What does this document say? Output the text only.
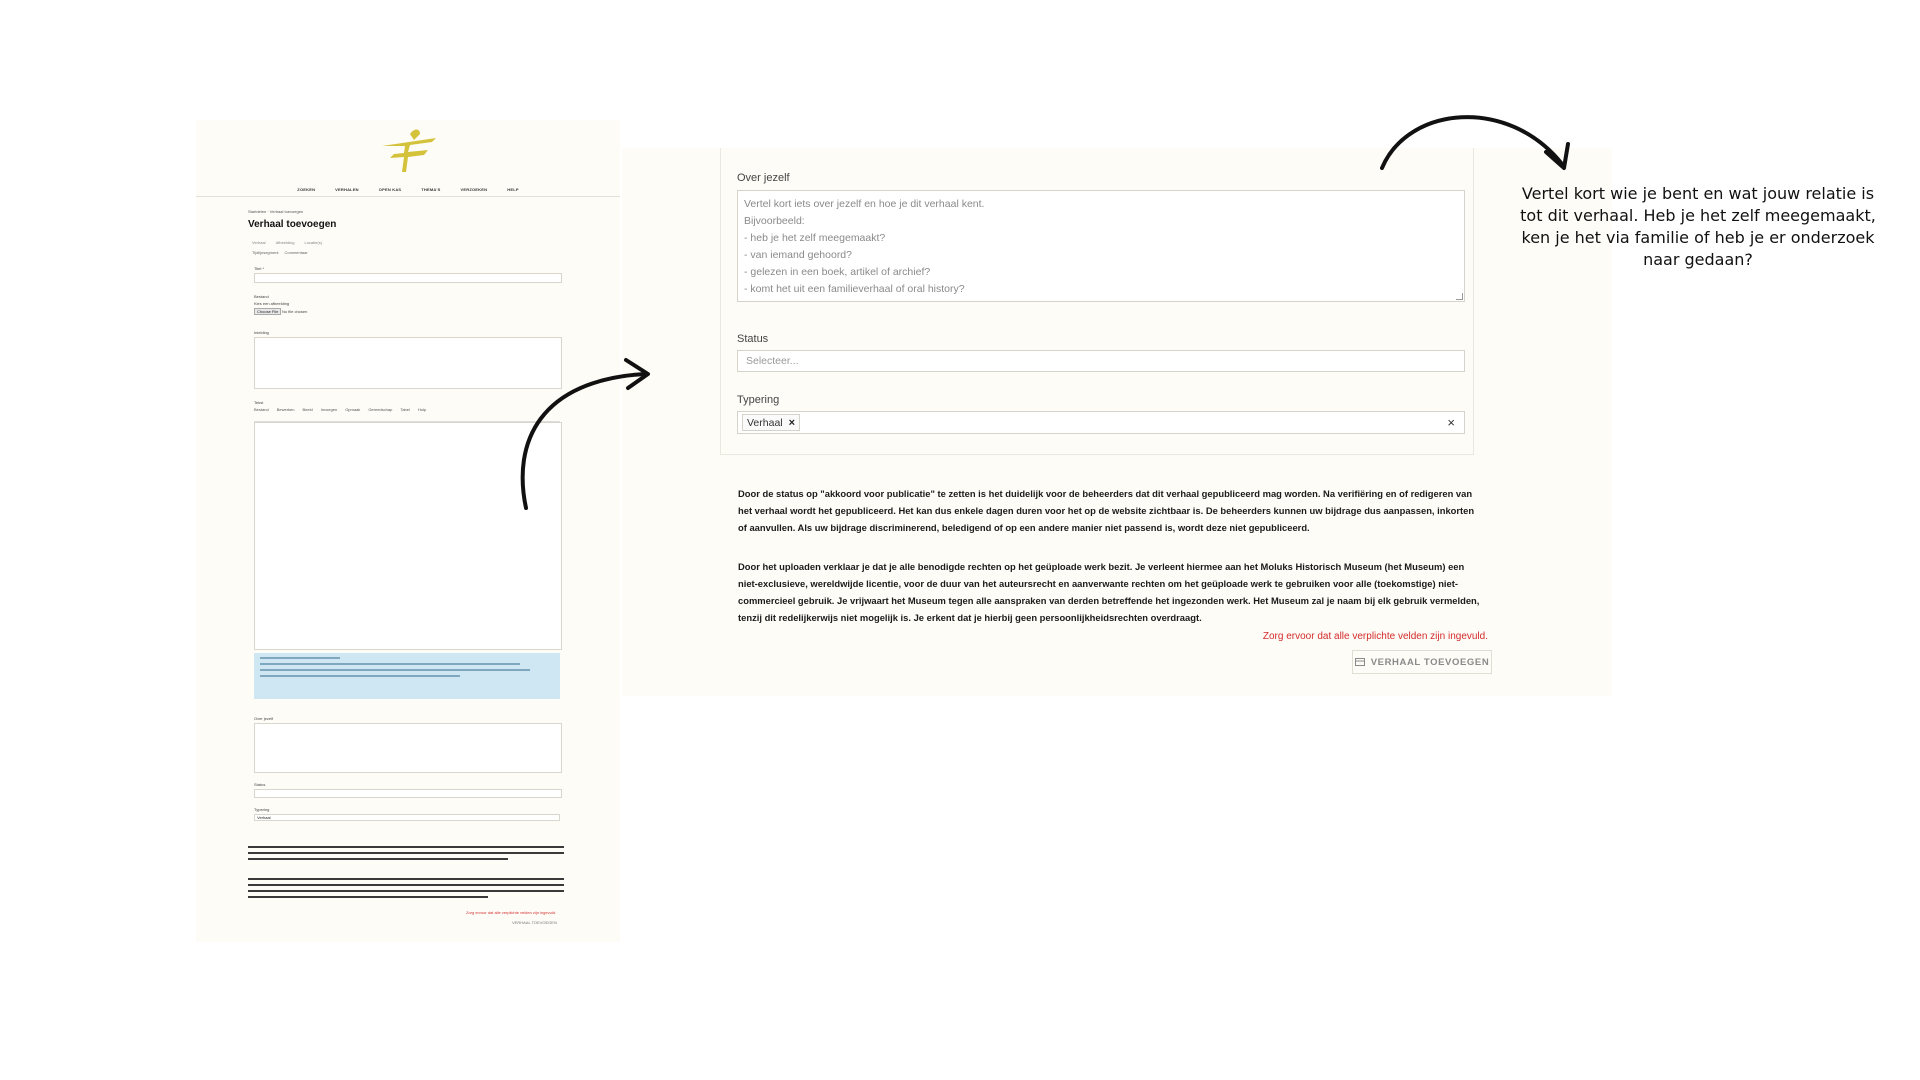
ZOEKEN	VERHALEN	OPEN KAS	THEMA'S	VERZOEKEN	HELP
Startdelen · Verhaal toevoegen
Verhaal toevoegen
Verhaal	Afbeelding	Locatie(s)
Tijdlijnsegment Commentaar
Titel *
Bestand
Kies een afbeelding
Choose File No file chosen
Inleiding
Tekst
Bestand Bewerken Beeld Invoegen Opmaak Gereedschap Tabel Hulp
Over jezelf
Status
Typering
Verhaal
Zorg ervoor dat alle verplichte velden zijn ingevuld.
VERHAAL TOEVOEGEN
Over jezelf
Vertel kort iets over jezelf en hoe je dit verhaal kent.
Bijvoorbeeld:
- heb je het zelf meegemaakt?
- van iemand gehoord?
- gelezen in een boek, artikel of archief?
- komt het uit een familieverhaal of oral history?
Status
Selecteer...
Typering
Verhaal ×	×
Door de status op "akkoord voor publicatie" te zetten is het duidelijk voor de beheerders dat dit verhaal gepubliceerd mag worden. Na verifiëring en of redigeren van het verhaal wordt het gepubliceerd. Het kan dus enkele dagen duren voor het op de website zichtbaar is. De beheerders kunnen uw bijdrage dus aanpassen, inkorten of aanvullen. Als uw bijdrage discriminerend, beledigend of op een andere manier niet passend is, wordt deze niet gepubliceerd.
Door het uploaden verklaar je dat je alle benodigde rechten op het geüploade werk bezit. Je verleent hiermee aan het Moluks Historisch Museum (het Museum) een niet-exclusieve, wereldwijde licentie, voor de duur van het auteursrecht en aanverwante rechten om het geüploade werk te gebruiken voor alle (toekomstige) niet-commercieel gebruik. Je vrijwaart het Museum tegen alle aanspraken van derden betreffende het ingezonden werk. Het Museum zal je naam bij elk gebruik vermelden, tenzij dit redelijkerwijs niet mogelijk is. Je erkent dat je hierbij geen persoonlijkheidsrechten overdraagt.
Zorg ervoor dat alle verplichte velden zijn ingevuld.
VERHAAL TOEVOEGEN
Vertel kort wie je bent en wat jouw relatie is tot dit verhaal. Heb je het zelf meegemaakt, ken je het via familie of heb je er onderzoek naar gedaan?
